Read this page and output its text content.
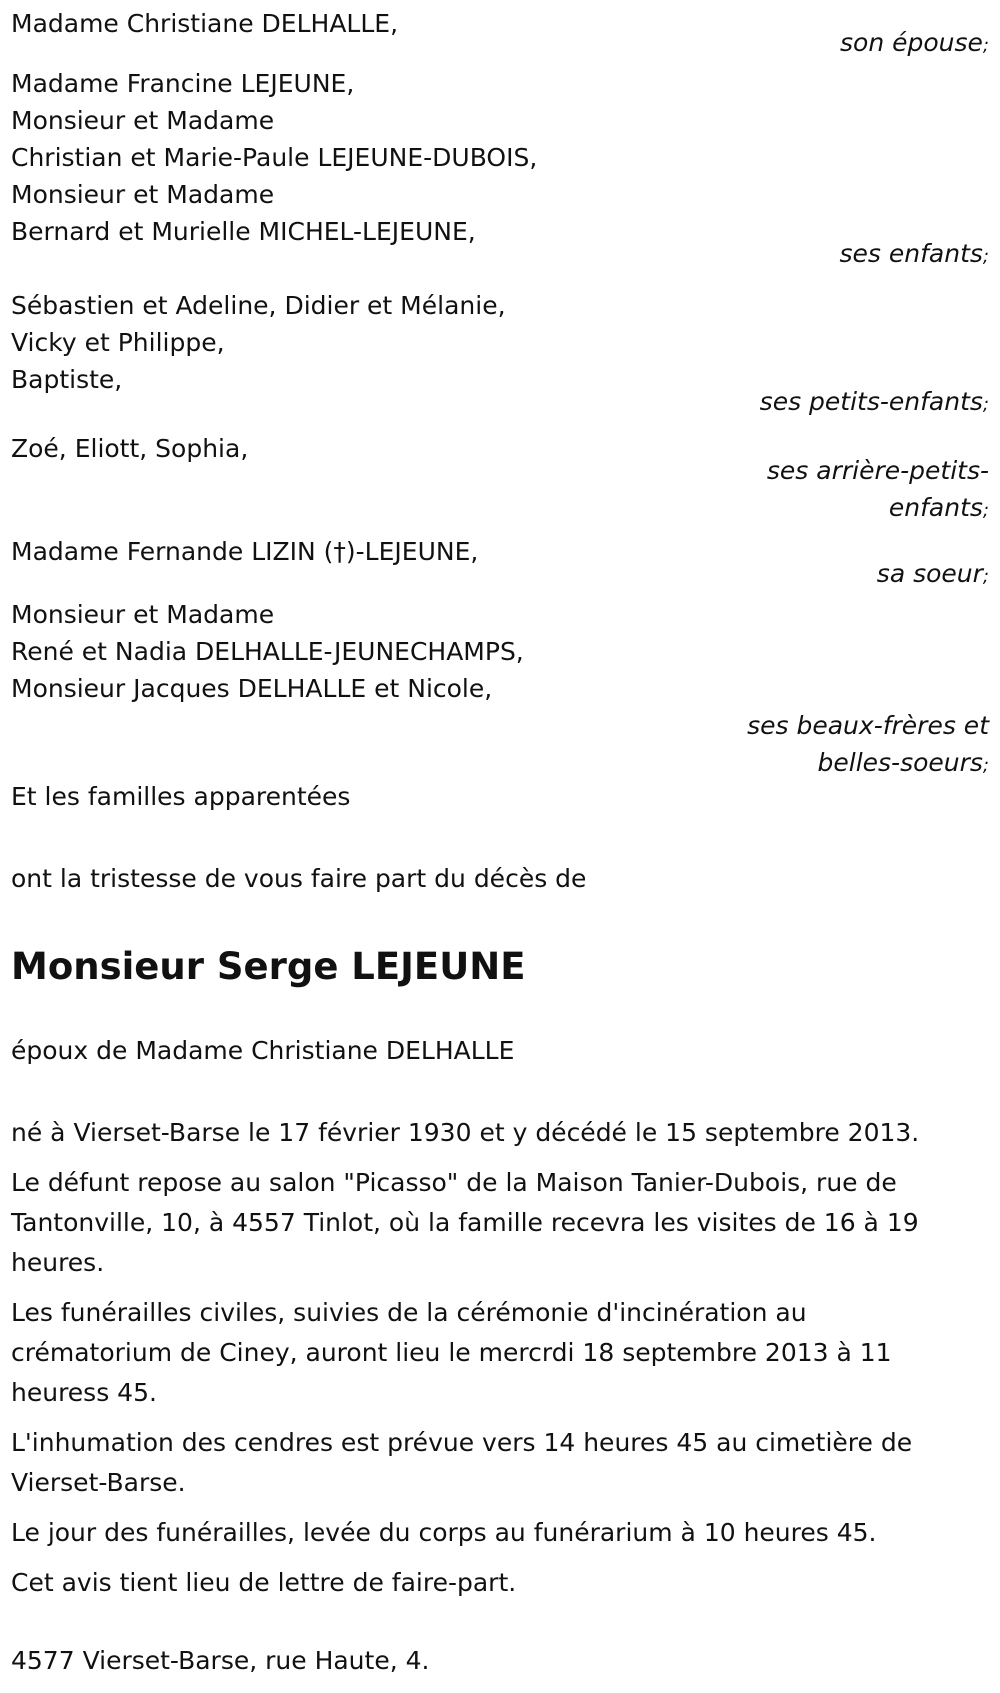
Madame Christiane DELHALLE,
son épouse;
Madame Francine LEJEUNE,
Monsieur et Madame
Christian et Marie-Paule LEJEUNE-DUBOIS,
Monsieur et Madame
Bernard et Murielle MICHEL-LEJEUNE,
ses enfants;
Sébastien et Adeline, Didier et Mélanie,
Vicky et Philippe,
Baptiste,
ses petits-enfants;
Zoé, Eliott, Sophia,
ses arrière-petits-
enfants;
Madame Fernande LIZIN (†)-LEJEUNE,
sa soeur;
Monsieur et Madame
René et Nadia DELHALLE-JEUNECHAMPS,
Monsieur Jacques DELHALLE et Nicole,
ses beaux-frères et
belles-soeurs;
Et les familles apparentées
ont la tristesse de vous faire part du décès de
Monsieur Serge LEJEUNE
époux de Madame Christiane DELHALLE

né à Vierset-Barse le 17 février 1930 et y décédé le 15 septembre 2013.

Le défunt repose au salon "Picasso" de la Maison Tanier-Dubois, rue de Tantonville, 10, à 4557 Tinlot, où la famille recevra les visites de 16 à 19 heures.

Les funérailles civiles, suivies de la cérémonie d'incinération au crématorium de Ciney, auront lieu le mercrdi 18 septembre 2013 à 11 heuress 45.

L'inhumation des cendres est prévue vers 14 heures 45 au cimetière de Vierset-Barse.

Le jour des funérailles, levée du corps au funérarium à 10 heures 45.

Cet avis tient lieu de lettre de faire-part.

4577 Vierset-Barse, rue Haute, 4.
